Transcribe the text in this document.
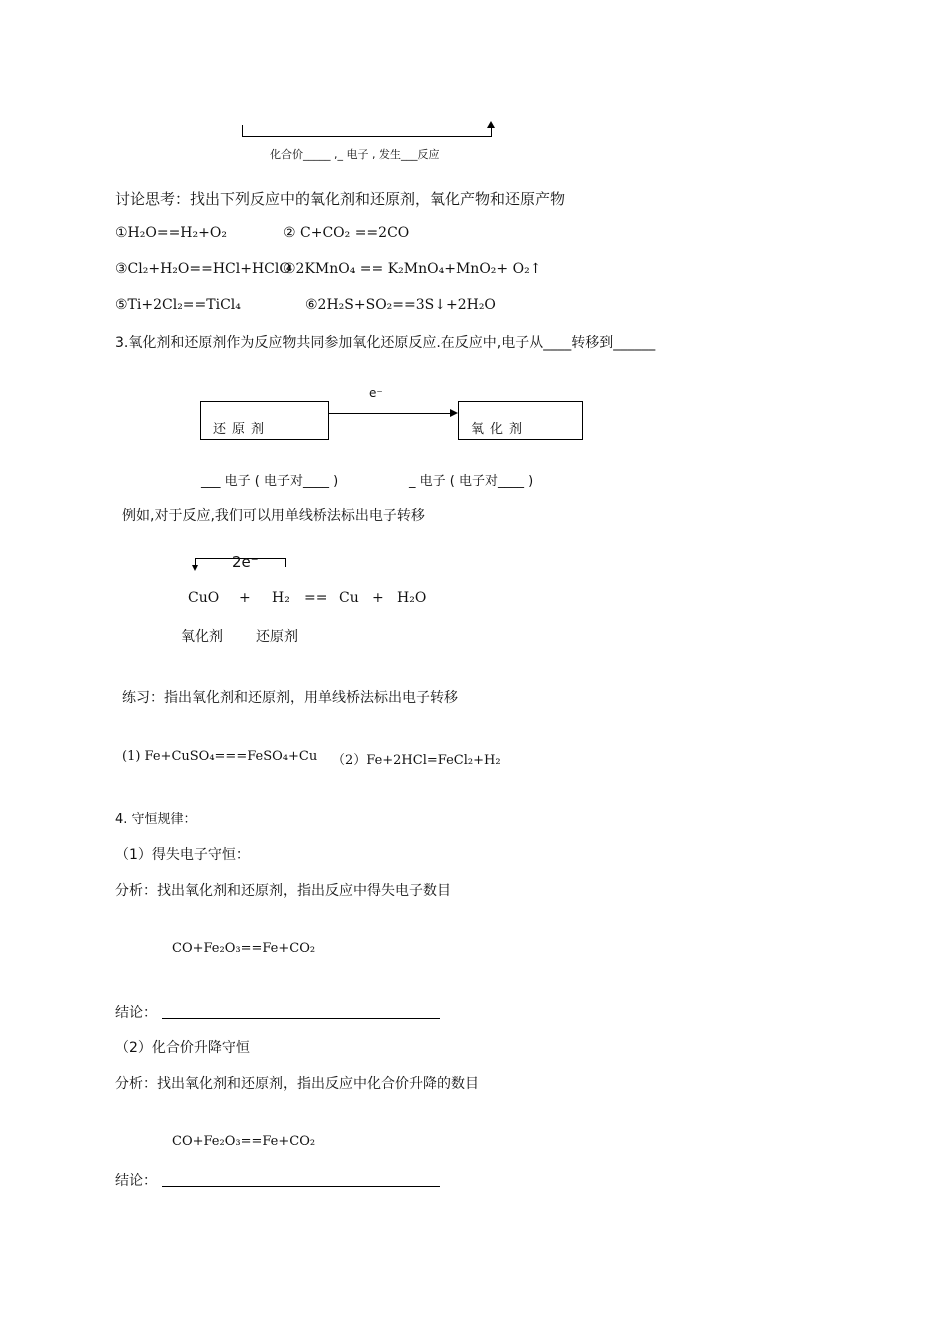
化合价_____ ,_ 电子 , 发生___反应
讨论思考：找出下列反应中的氧化剂和还原剂，氧化产物和还原产物
①H₂O==H₂+O₂	② C+CO₂ ==2CO
③Cl₂+H₂O==HCl+HClO
④2KMnO₄ == K₂MnO₄+MnO₂+ O₂↑
⑤Ti+2Cl₂==TiCl₄	⑥2H₂S+SO₂==3S↓+2H₂O
3.氧化剂和还原剂作为反应物共同参加氧化还原反应.在反应中,电子从____转移到______
e⁻
还原剂	氧化剂
___ 电子 ( 电子对____ )	_ 电子 ( 电子对____ )
例如,对于反应,我们可以用单线桥法标出电子转移
2e⁻
CuO + H₂ == Cu + H₂O
氧化剂 还原剂
练习：指出氧化剂和还原剂，用单线桥法标出电子转移
(1) Fe+CuSO₄===FeSO₄+Cu （2）Fe+2HCl=FeCl₂+H₂
4. 守恒规律：
（1）得失电子守恒：
分析：找出氧化剂和还原剂，指出反应中得失电子数目
CO+Fe₂O₃==Fe+CO₂
结论：
（2）化合价升降守恒
分析：找出氧化剂和还原剂，指出反应中化合价升降的数目
CO+Fe₂O₃==Fe+CO₂
结论：
